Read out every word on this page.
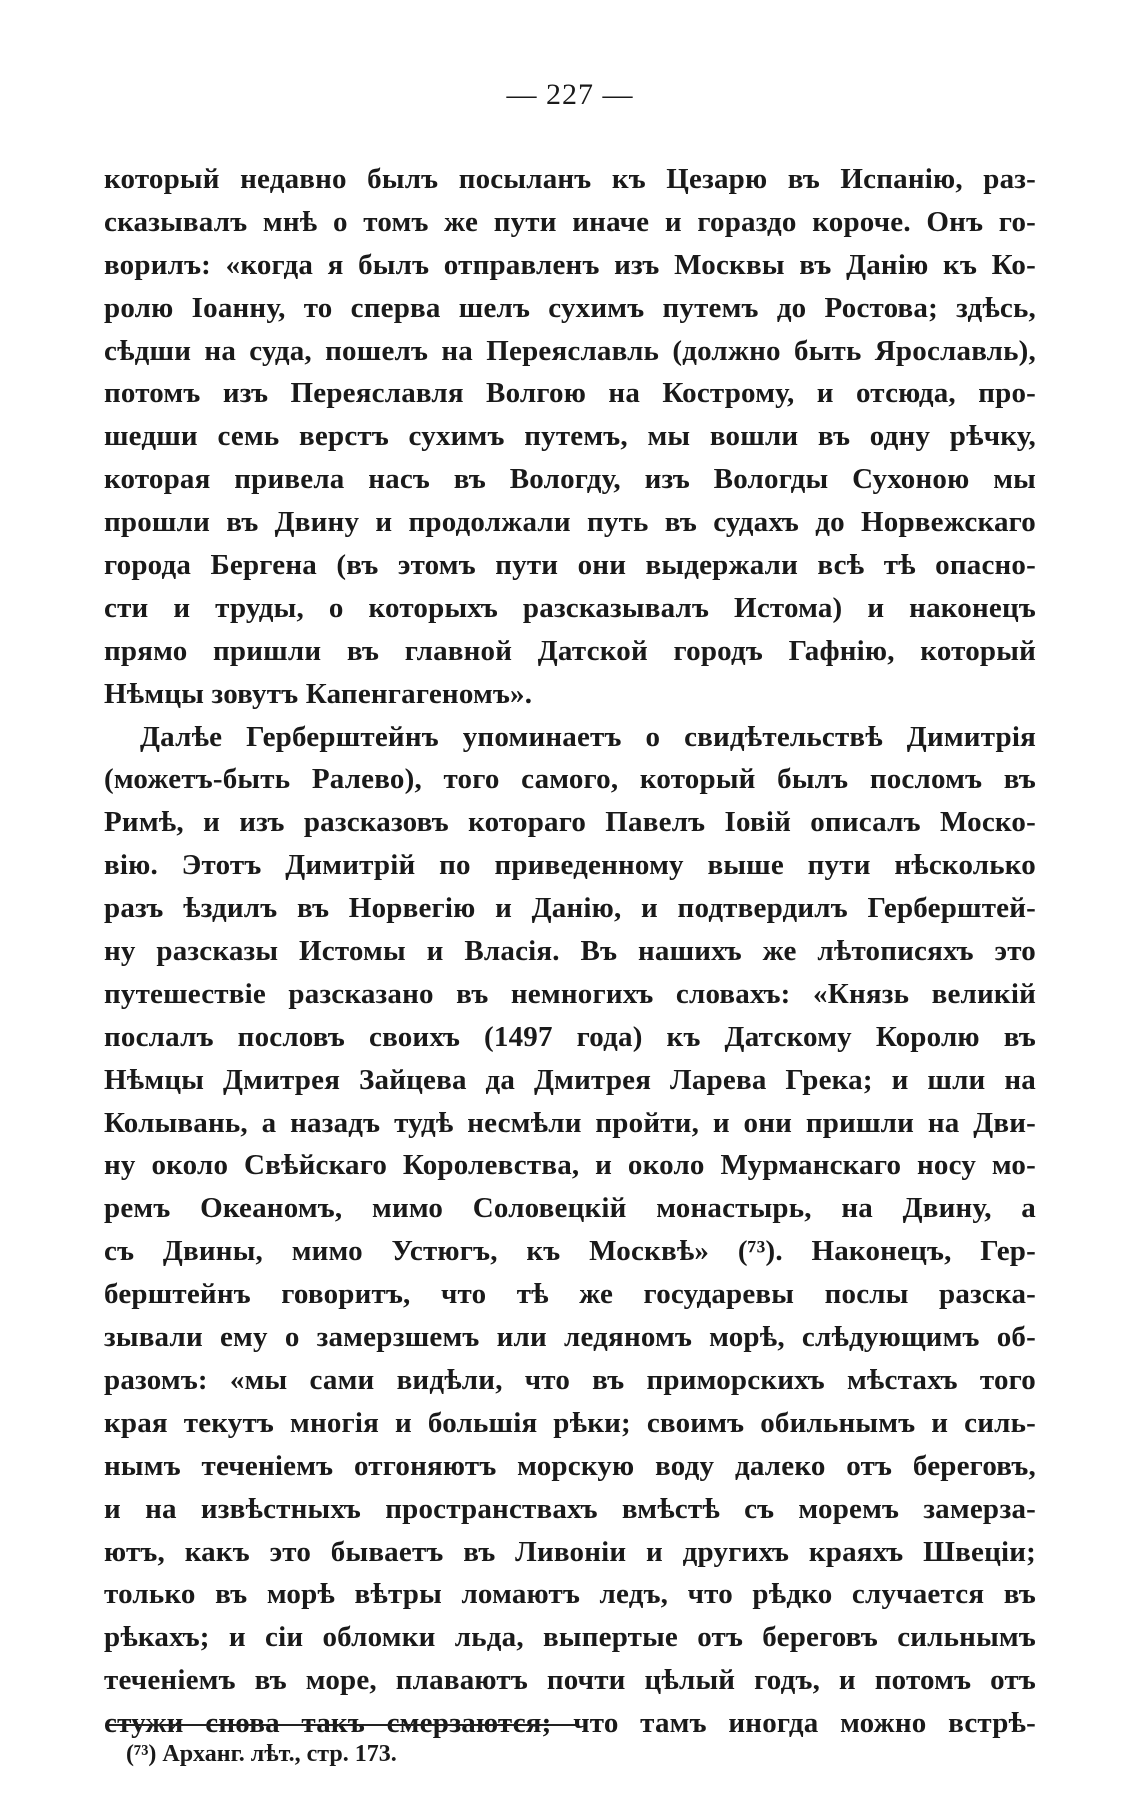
— 227 —
который недавно былъ посыланъ къ Цезарю въ Испанію, раз-
сказывалъ мнѣ о томъ же пути иначе и гораздо короче. Онъ го-
ворилъ: «когда я былъ отправленъ изъ Москвы въ Данію къ Ко-
ролю Іоанну, то сперва шелъ сухимъ путемъ до Ростова; здѣсь,
сѣдши на суда, пошелъ на Переяславль (должно быть Ярославль),
потомъ изъ Переяславля Волгою на Кострому, и отсюда, про-
шедши семь верстъ сухимъ путемъ, мы вошли въ одну рѣчку,
которая привела насъ въ Вологду, изъ Вологды Сухоною мы
прошли въ Двину и продолжали путь въ судахъ до Норвежскаго
города Бергена (въ этомъ пути они выдержали всѣ тѣ опасно-
сти и труды, о которыхъ разсказывалъ Истома) и наконецъ
прямо пришли въ главной Датской городъ Гафнію, который
Нѣмцы зовутъ Капенгагеномъ».
Далѣе Герберштейнъ упоминаетъ о свидѣтельствѣ Димитрія
(можетъ-быть Ралево), того самого, который былъ посломъ въ
Римѣ, и изъ разсказовъ котораго Павелъ Іовій описалъ Моско-
вію. Этотъ Димитрій по приведенному выше пути нѣсколько
разъ ѣздилъ въ Норвегію и Данію, и подтвердилъ Герберштей-
ну разсказы Истомы и Власія. Въ нашихъ же лѣтописяхъ это
путешествіе разсказано въ немногихъ словахъ: «Князь великій
послалъ пословъ своихъ (1497 года) къ Датскому Королю въ
Нѣмцы Дмитрея Зайцева да Дмитрея Ларева Грека; и шли на
Колывань, а назадъ тудѣ несмѣли пройти, и они пришли на Дви-
ну около Свѣйскаго Королевства, и около Мурманскаго носу мо-
ремъ Океаномъ, мимо Соловецкій монастырь, на Двину, а
съ Двины, мимо Устюгъ, къ Москвѣ» (⁷³). Наконецъ, Гер-
берштейнъ говоритъ, что тѣ же государевы послы разска-
зывали ему о замерзшемъ или ледяномъ морѣ, слѣдующимъ об-
разомъ: «мы сами видѣли, что въ приморскихъ мѣстахъ того
края текутъ многія и большія рѣки; своимъ обильнымъ и силь-
нымъ теченіемъ отгоняютъ морскую воду далеко отъ береговъ,
и на извѣстныхъ пространствахъ вмѣстѣ съ моремъ замерза-
ютъ, какъ это бываетъ въ Ливоніи и другихъ краяхъ Швеціи;
только въ морѣ вѣтры ломаютъ ледъ, что рѣдко случается въ
рѣкахъ; и сіи обломки льда, выпертые отъ береговъ сильнымъ
теченіемъ въ море, плаваютъ почти цѣлый годъ, и потомъ отъ
стужи снова такъ смерзаются; что тамъ иногда можно встрѣ-
(⁷³) Арханг. лѣт., стр. 173.
